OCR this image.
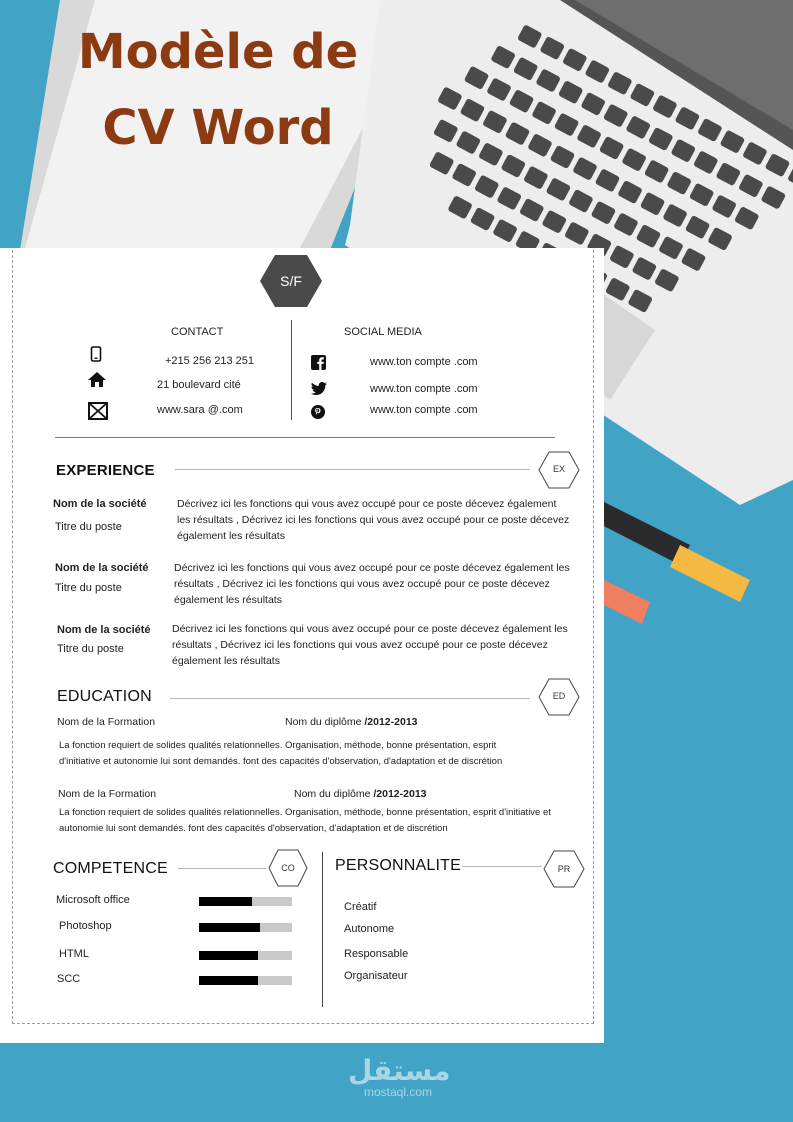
Modèle de
CV Word
S/F
CONTACT
+215 256 213 251
21 boulevard cité
www.sara @.com
SOCIAL MEDIA
www.ton compte .com
www.ton compte .com
www.ton compte .com
EXPERIENCE	EX
Nom de la société
Titre du poste
Décrivez ici les fonctions qui vous avez occupé pour ce poste décevez également les résultats , Décrivez ici les fonctions qui vous avez occupé pour ce poste décevez également les résultats
Nom de la société
Titre du poste
Décrivez ici les fonctions qui vous avez occupé pour ce poste décevez également les résultats , Décrivez ici les fonctions qui vous avez occupé pour ce poste décevez également les résultats
Nom de la société
Titre du poste
Décrivez ici les fonctions qui vous avez occupé pour ce poste décevez également les résultats , Décrivez ici les fonctions qui vous avez occupé pour ce poste décevez également les résultats
EDUCATION	ED
Nom de la Formation	Nom du diplôme /2012-2013
La fonction requiert de solides qualités relationnelles. Organisation, méthode, bonne présentation, esprit d'initiative et autonomie lui sont demandés. font des capacités d'observation, d'adaptation et de discrétion
Nom de la Formation	Nom du diplôme /2012-2013
La fonction requiert de solides qualités relationnelles. Organisation, méthode, bonne présentation, esprit d'initiative et autonomie lui sont demandés. font des capacités d'observation, d'adaptation et de discrétion
COMPETENCE	CO
Microsoft office
Photoshop
HTML
SCC
PERSONNALITE	PR
Créatif
Autonome
Responsable
Organisateur
مستقل
mostaql.com
